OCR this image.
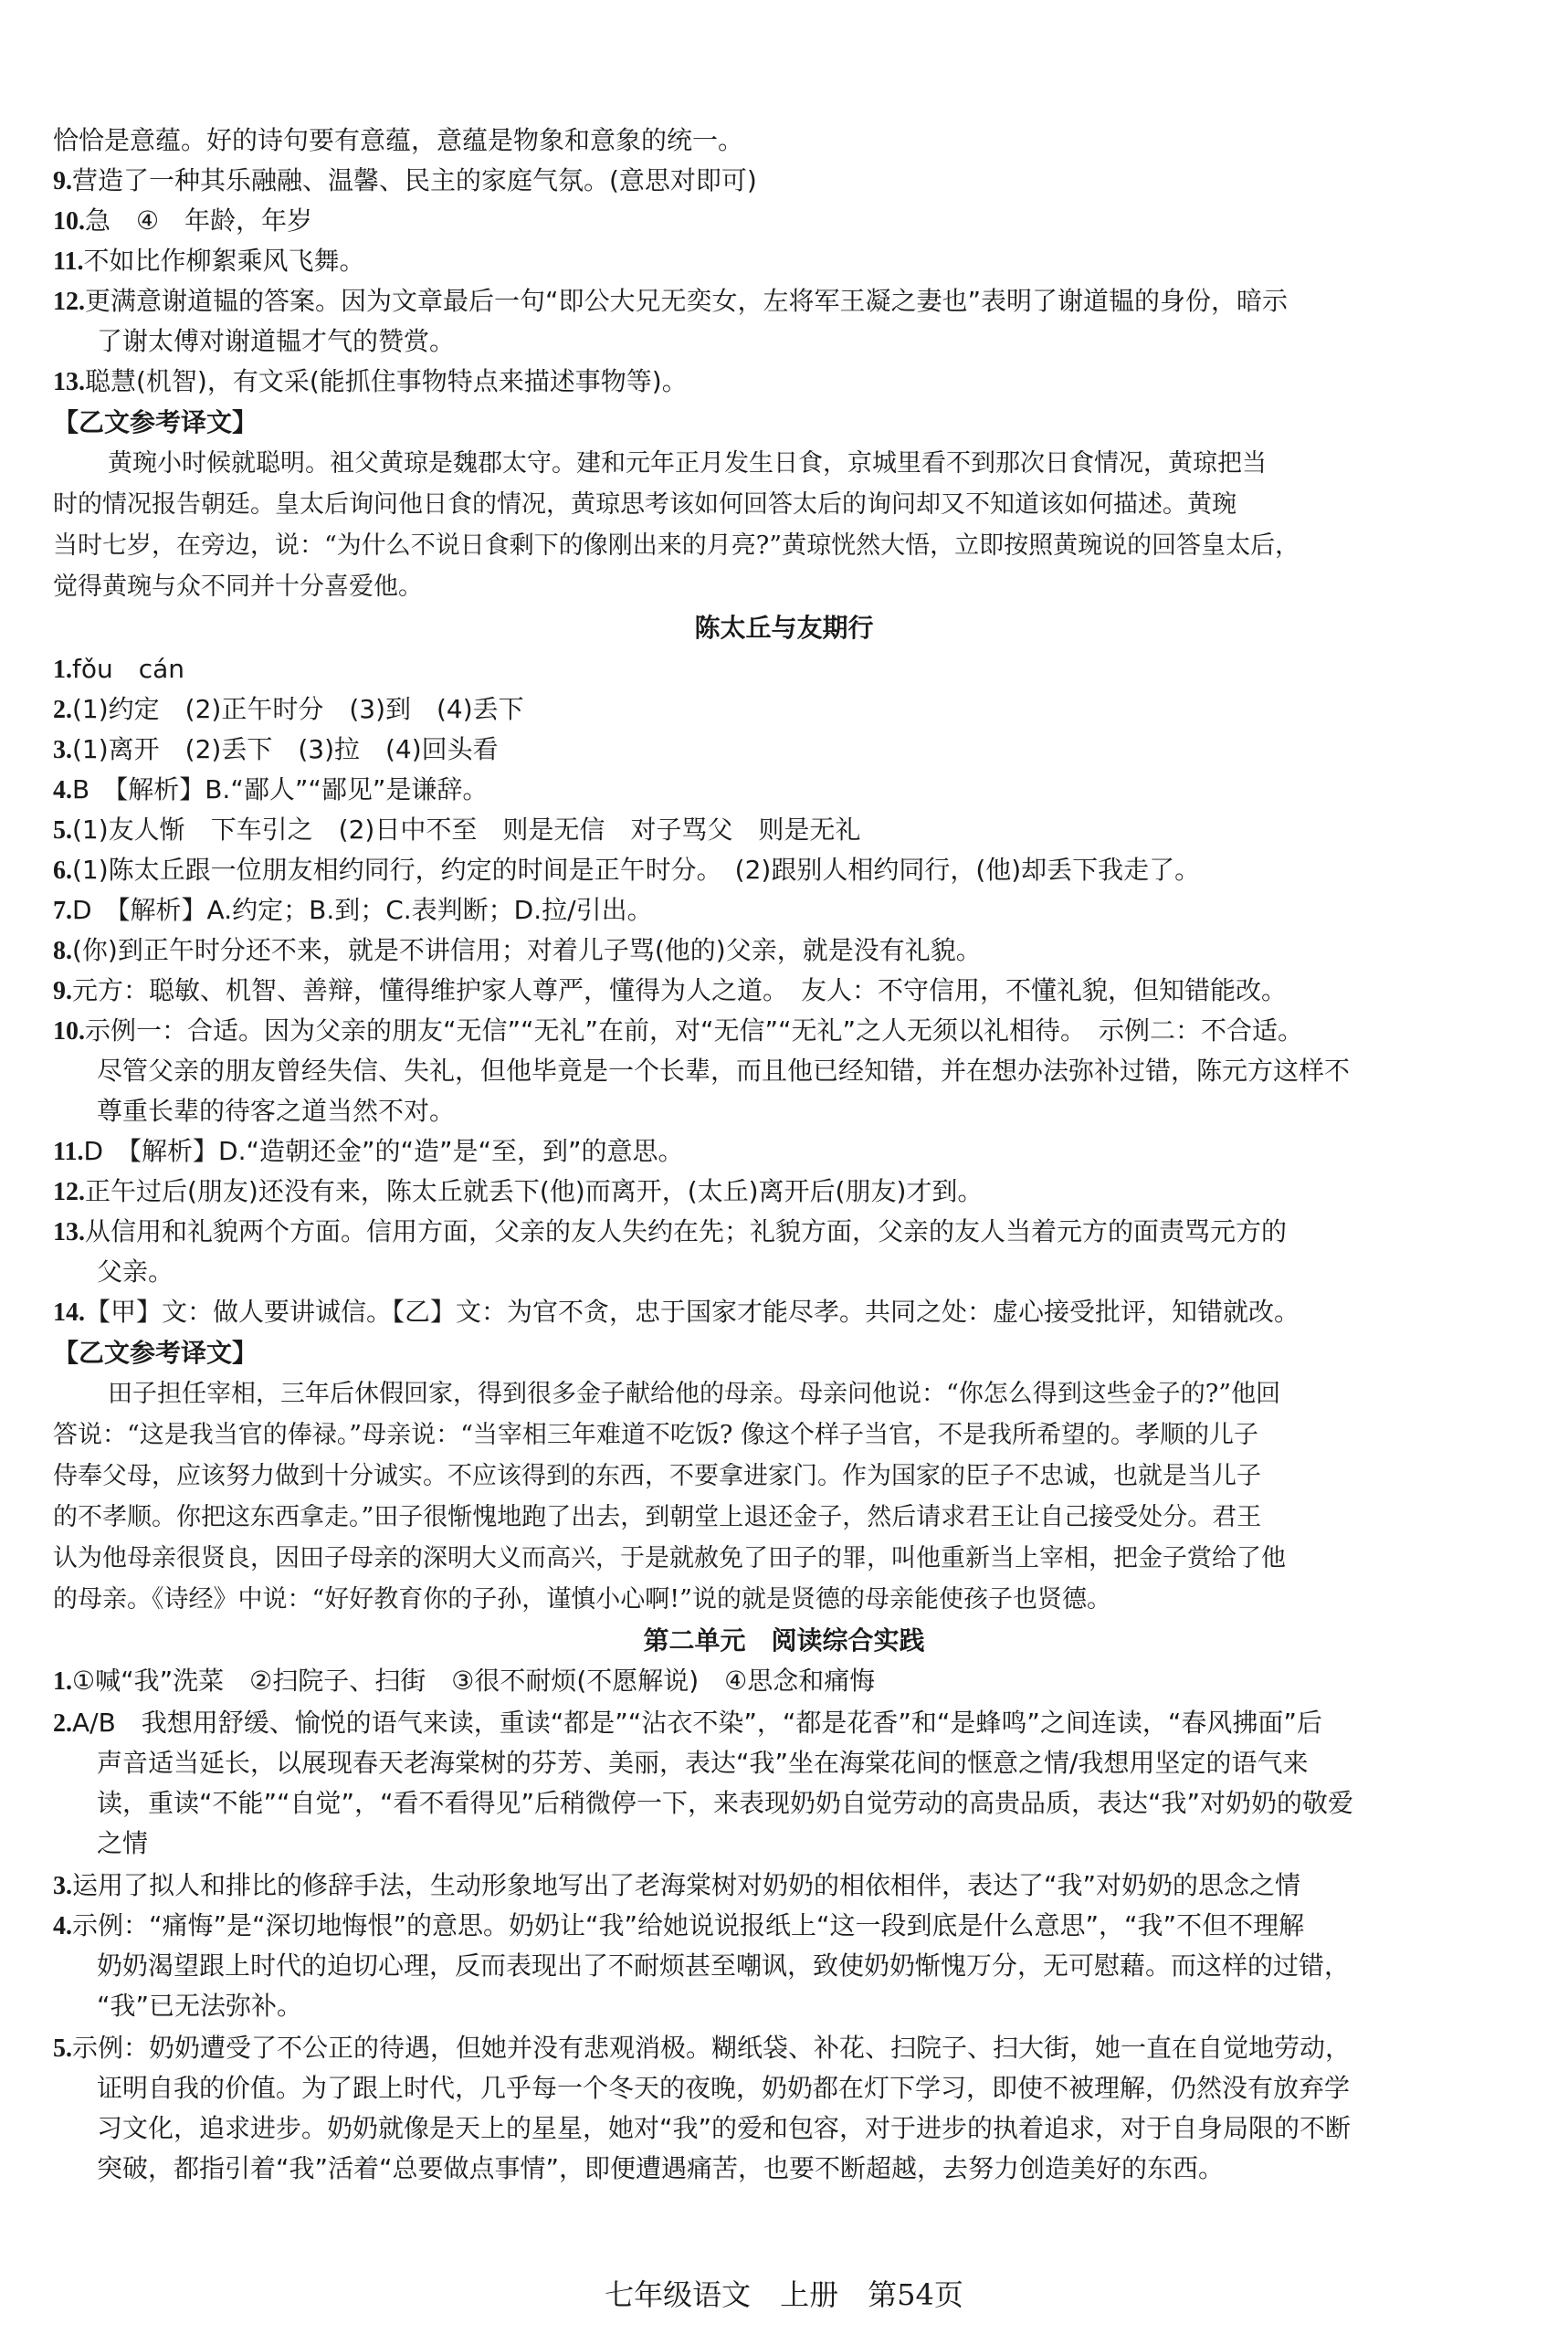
恰恰是意蕴。好的诗句要有意蕴，意蕴是物象和意象的统一。
9.营造了一种其乐融融、温馨、民主的家庭气氛。(意思对即可)
10.急　④　年龄，年岁
11.不如比作柳絮乘风飞舞。
12.更满意谢道韫的答案。因为文章最后一句“即公大兄无奕女，左将军王凝之妻也”表明了谢道韫的身份，暗示
了谢太傅对谢道韫才气的赞赏。
13.聪慧(机智)，有文采(能抓住事物特点来描述事物等)。
【乙文参考译文】
黄琬小时候就聪明。祖父黄琼是魏郡太守。建和元年正月发生日食，京城里看不到那次日食情况，黄琼把当
时的情况报告朝廷。皇太后询问他日食的情况，黄琼思考该如何回答太后的询问却又不知道该如何描述。黄琬
当时七岁，在旁边，说：“为什么不说日食剩下的像刚出来的月亮?”黄琼恍然大悟，立即按照黄琬说的回答皇太后，
觉得黄琬与众不同并十分喜爱他。
陈太丘与友期行
1.fǒu　cán
2.(1)约定　(2)正午时分　(3)到　(4)丢下
3.(1)离开　(2)丢下　(3)拉　(4)回头看
4.B　【解析】B.“鄙人”“鄙见”是谦辞。
5.(1)友人惭　下车引之　(2)日中不至　则是无信　对子骂父　则是无礼
6.(1)陈太丘跟一位朋友相约同行，约定的时间是正午时分。　(2)跟别人相约同行，(他)却丢下我走了。
7.D　【解析】A.约定；B.到；C.表判断；D.拉/引出。
8.(你)到正午时分还不来，就是不讲信用；对着儿子骂(他的)父亲，就是没有礼貌。
9.元方：聪敏、机智、善辩，懂得维护家人尊严，懂得为人之道。　友人：不守信用，不懂礼貌，但知错能改。
10.示例一：合适。因为父亲的朋友“无信”“无礼”在前，对“无信”“无礼”之人无须以礼相待。　示例二：不合适。
尽管父亲的朋友曾经失信、失礼，但他毕竟是一个长辈，而且他已经知错，并在想办法弥补过错，陈元方这样不
尊重长辈的待客之道当然不对。
11.D　【解析】D.“造朝还金”的“造”是“至，到”的意思。
12.正午过后(朋友)还没有来，陈太丘就丢下(他)而离开，(太丘)离开后(朋友)才到。
13.从信用和礼貌两个方面。信用方面，父亲的友人失约在先；礼貌方面，父亲的友人当着元方的面责骂元方的
父亲。
14.【甲】文：做人要讲诚信。【乙】文：为官不贪，忠于国家才能尽孝。共同之处：虚心接受批评，知错就改。
【乙文参考译文】
田子担任宰相，三年后休假回家，得到很多金子献给他的母亲。母亲问他说：“你怎么得到这些金子的?”他回
答说：“这是我当官的俸禄。”母亲说：“当宰相三年难道不吃饭? 像这个样子当官，不是我所希望的。孝顺的儿子
侍奉父母，应该努力做到十分诚实。不应该得到的东西，不要拿进家门。作为国家的臣子不忠诚，也就是当儿子
的不孝顺。你把这东西拿走。”田子很惭愧地跑了出去，到朝堂上退还金子，然后请求君王让自己接受处分。君王
认为他母亲很贤良，因田子母亲的深明大义而高兴，于是就赦免了田子的罪，叫他重新当上宰相，把金子赏给了他
的母亲。《诗经》中说：“好好教育你的子孙，谨慎小心啊!”说的就是贤德的母亲能使孩子也贤德。
第二单元　阅读综合实践
1.①喊“我”洗菜　②扫院子、扫街　③很不耐烦(不愿解说)　④思念和痛悔
2.A/B　我想用舒缓、愉悦的语气来读，重读“都是”“沾衣不染”，“都是花香”和“是蜂鸣”之间连读，“春风拂面”后
声音适当延长，以展现春天老海棠树的芬芳、美丽，表达“我”坐在海棠花间的惬意之情/我想用坚定的语气来
读，重读“不能”“自觉”，“看不看得见”后稍微停一下，来表现奶奶自觉劳动的高贵品质，表达“我”对奶奶的敬爱
之情
3.运用了拟人和排比的修辞手法，生动形象地写出了老海棠树对奶奶的相依相伴，表达了“我”对奶奶的思念之情
4.示例：“痛悔”是“深切地悔恨”的意思。奶奶让“我”给她说说报纸上“这一段到底是什么意思”，“我”不但不理解
奶奶渴望跟上时代的迫切心理，反而表现出了不耐烦甚至嘲讽，致使奶奶惭愧万分，无可慰藉。而这样的过错，
“我”已无法弥补。
5.示例：奶奶遭受了不公正的待遇，但她并没有悲观消极。糊纸袋、补花、扫院子、扫大街，她一直在自觉地劳动，
证明自我的价值。为了跟上时代，几乎每一个冬天的夜晚，奶奶都在灯下学习，即使不被理解，仍然没有放弃学
习文化，追求进步。奶奶就像是天上的星星，她对“我”的爱和包容，对于进步的执着追求，对于自身局限的不断
突破，都指引着“我”活着“总要做点事情”，即便遭遇痛苦，也要不断超越，去努力创造美好的东西。
七年级语文　上册　第54页
